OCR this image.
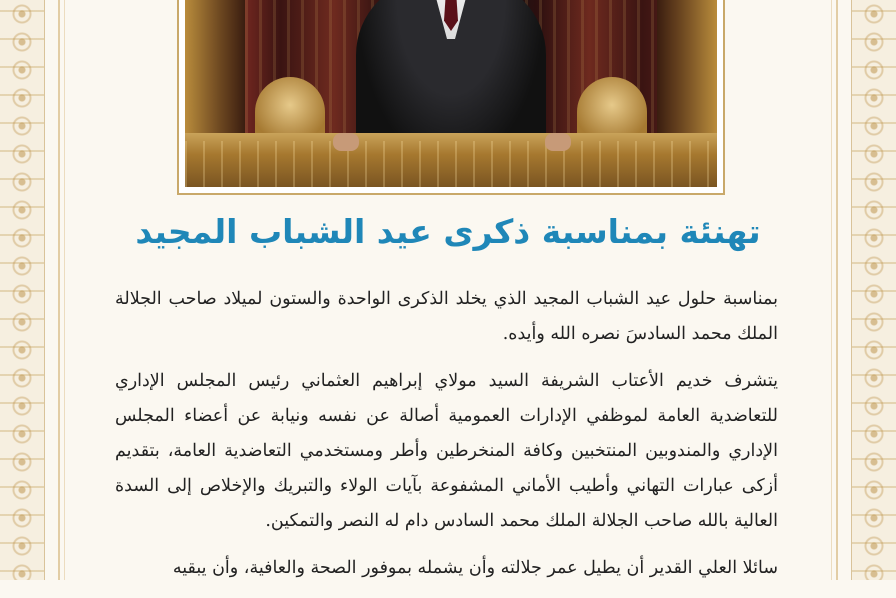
تهنئة بمناسبة ذكرى عيد الشباب المجيد

بمناسبة حلول عيد الشباب المجيد الذي يخلد الذكرى الواحدة والستون لميلاد صاحب الجلالة الملك محمد السادسَ نصره الله وأيده.

يتشرف خديم الأعتاب الشريفة السيد مولاي إبراهيم العثماني رئيس المجلس الإداري للتعاضدية العامة لموظفي الإدارات العمومية أصالة عن نفسه ونيابة عن أعضاء المجلس الإداري والمندوبين المنتخبين وكافة المنخرطين وأطر ومستخدمي التعاضدية العامة، بتقديم أزكى عبارات التهاني وأطيب الأماني المشفوعة بآيات الولاء والتبريك والإخلاص إلى السدة العالية بالله صاحب الجلالة الملك محمد السادس دام له النصر والتمكين.

سائلا العلي القدير أن يطيل عمر جلالته وأن يشمله بموفور الصحة والعافية، وأن يبقيه
